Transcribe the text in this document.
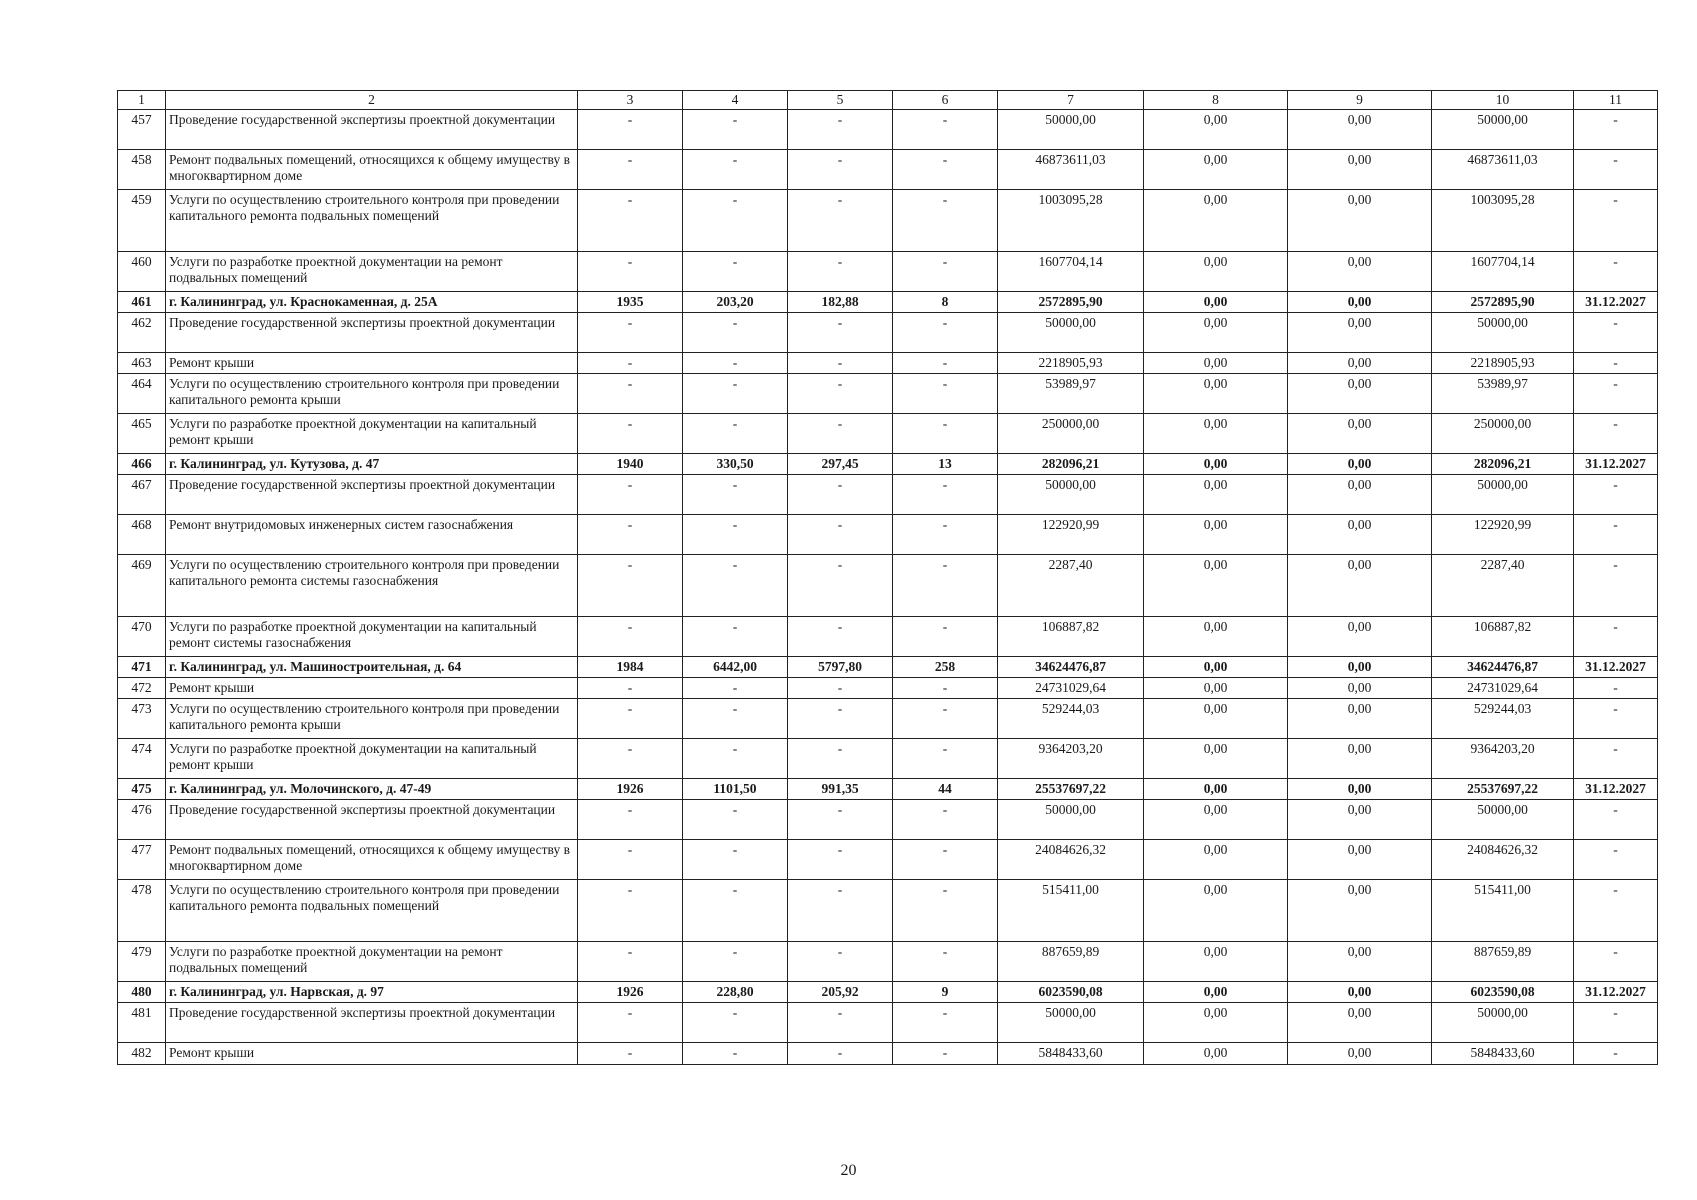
1	2	3	4	5	6	7	8	9	10	11
457	Проведение государственной экспертизы проектной документации	-	-	-	-	50000,00	0,00	0,00	50000,00	-
458	Ремонт подвальных помещений, относящихся к общему имуществу в многоквартирном доме	-	-	-	-	46873611,03	0,00	0,00	46873611,03	-
459	Услуги по осуществлению строительного контроля при проведении капитального ремонта подвальных помещений	-	-	-	-	1003095,28	0,00	0,00	1003095,28	-
460	Услуги по разработке проектной документации на ремонт подвальных помещений	-	-	-	-	1607704,14	0,00	0,00	1607704,14	-
461	г. Калининград, ул. Краснокаменная, д. 25А	1935	203,20	182,88	8	2572895,90	0,00	0,00	2572895,90	31.12.2027
462	Проведение государственной экспертизы проектной документации	-	-	-	-	50000,00	0,00	0,00	50000,00	-
463	Ремонт крыши	-	-	-	-	2218905,93	0,00	0,00	2218905,93	-
464	Услуги по осуществлению строительного контроля при проведении капитального ремонта крыши	-	-	-	-	53989,97	0,00	0,00	53989,97	-
465	Услуги по разработке проектной документации на капитальный ремонт крыши	-	-	-	-	250000,00	0,00	0,00	250000,00	-
466	г. Калининград, ул. Кутузова, д. 47	1940	330,50	297,45	13	282096,21	0,00	0,00	282096,21	31.12.2027
467	Проведение государственной экспертизы проектной документации	-	-	-	-	50000,00	0,00	0,00	50000,00	-
468	Ремонт внутридомовых инженерных систем газоснабжения	-	-	-	-	122920,99	0,00	0,00	122920,99	-
469	Услуги по осуществлению строительного контроля при проведении капитального ремонта системы газоснабжения	-	-	-	-	2287,40	0,00	0,00	2287,40	-
470	Услуги по разработке проектной документации на капитальный ремонт системы газоснабжения	-	-	-	-	106887,82	0,00	0,00	106887,82	-
471	г. Калининград, ул. Машиностроительная, д. 64	1984	6442,00	5797,80	258	34624476,87	0,00	0,00	34624476,87	31.12.2027
472	Ремонт крыши	-	-	-	-	24731029,64	0,00	0,00	24731029,64	-
473	Услуги по осуществлению строительного контроля при проведении капитального ремонта крыши	-	-	-	-	529244,03	0,00	0,00	529244,03	-
474	Услуги по разработке проектной документации на капитальный ремонт крыши	-	-	-	-	9364203,20	0,00	0,00	9364203,20	-
475	г. Калининград, ул. Молочинского, д. 47-49	1926	1101,50	991,35	44	25537697,22	0,00	0,00	25537697,22	31.12.2027
476	Проведение государственной экспертизы проектной документации	-	-	-	-	50000,00	0,00	0,00	50000,00	-
477	Ремонт подвальных помещений, относящихся к общему имуществу в многоквартирном доме	-	-	-	-	24084626,32	0,00	0,00	24084626,32	-
478	Услуги по осуществлению строительного контроля при проведении капитального ремонта подвальных помещений	-	-	-	-	515411,00	0,00	0,00	515411,00	-
479	Услуги по разработке проектной документации на ремонт подвальных помещений	-	-	-	-	887659,89	0,00	0,00	887659,89	-
480	г. Калининград, ул. Нарвская, д. 97	1926	228,80	205,92	9	6023590,08	0,00	0,00	6023590,08	31.12.2027
481	Проведение государственной экспертизы проектной документации	-	-	-	-	50000,00	0,00	0,00	50000,00	-
482	Ремонт крыши	-	-	-	-	5848433,60	0,00	0,00	5848433,60	-
20
